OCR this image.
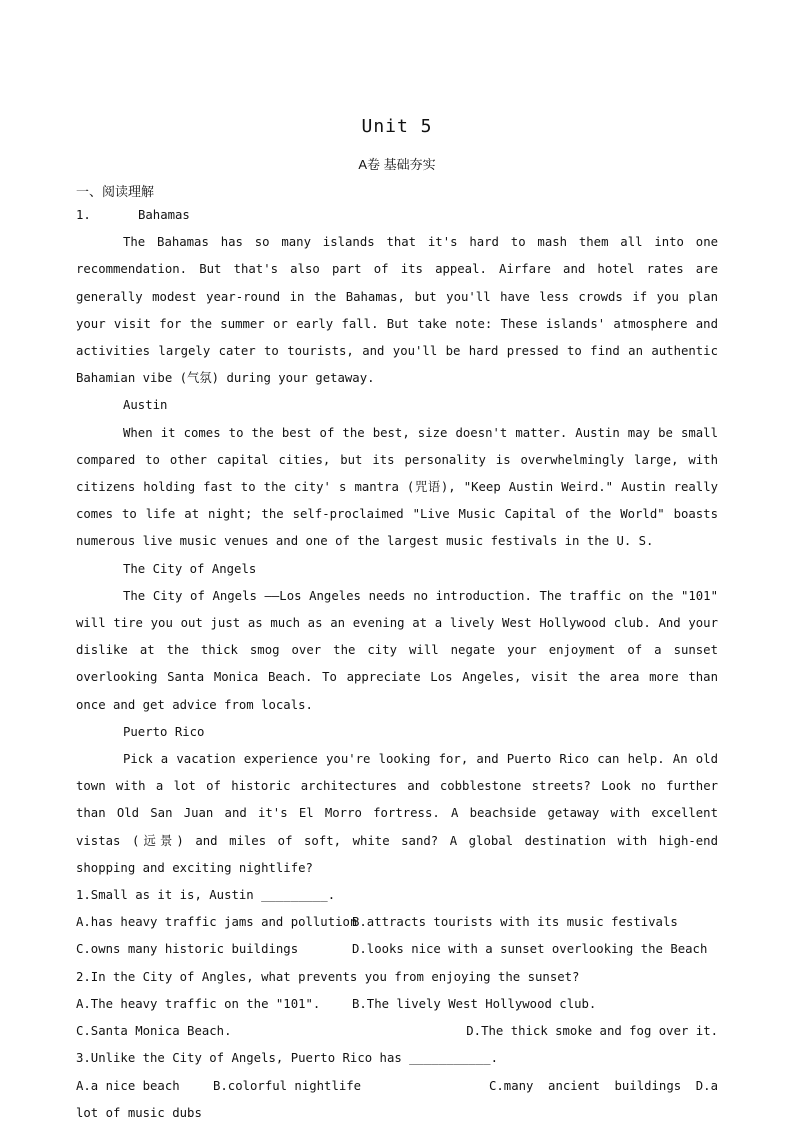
Unit 5
A卷 基础夯实
一、阅读理解

1.	Bahamas

The Bahamas has so many islands that it's hard to mash them all into one recommendation. But that's also part of its appeal. Airfare and hotel rates are generally modest year-round in the Bahamas, but you'll have less crowds if you plan your visit for the summer or early fall. But take note: These islands' atmosphere and activities largely cater to tourists, and you'll be hard pressed to find an authentic Bahamian vibe (气氛) during your getaway.

Austin

When it comes to the best of the best, size doesn't matter. Austin may be small compared to other capital cities, but its personality is overwhelmingly large, with citizens holding fast to the city' s mantra (咒语), "Keep Austin Weird." Austin really comes to life at night; the self-proclaimed "Live Music Capital of the World" boasts numerous live music venues and one of the largest music festivals in the U. S.

The City of Angels

The City of Angels ——Los Angeles needs no introduction. The traffic on the "101" will tire you out just as much as an evening at a lively West Hollywood club. And your dislike at the thick smog over the city will negate your enjoyment of a sunset overlooking Santa Monica Beach. To appreciate Los Angeles, visit the area more than once and get advice from locals.

Puerto Rico

Pick a vacation experience you're looking for, and Puerto Rico can help. An old town with a lot of historic architectures and cobblestone streets? Look no further than Old San Juan and it's El Morro fortress. A beachside getaway with excellent vistas (远景) and miles of soft, white sand? A global destination with high-end shopping and exciting nightlife?

1.Small as it is, Austin _________.

A.has heavy traffic jams and pollution
B.attracts tourists with its music festivals
C.owns many historic buildings	D.looks nice with a sunset overlooking the Beach

2.In the City of Angles, what prevents you from enjoying the sunset?

A.The heavy traffic on the "101".	B.The lively West Hollywood club.
C.Santa Monica Beach.	D.The thick smoke and fog over it.

3.Unlike the City of Angels, Puerto Rico has ___________.

A.a nice beach	B.colorful nightlife	C.many ancient buildings D.a lot of music dubs
